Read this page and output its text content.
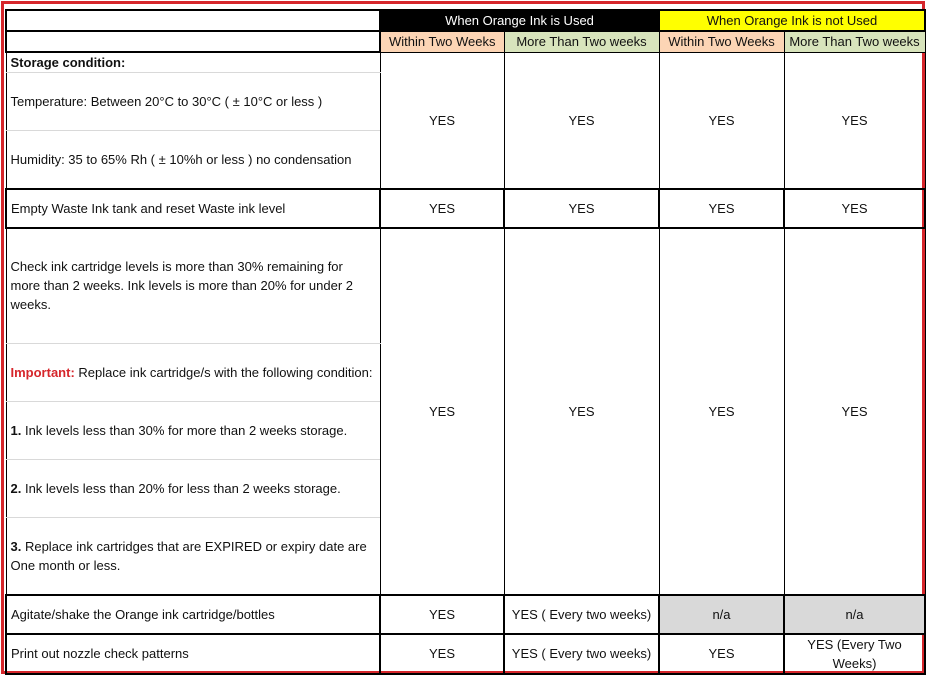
	When Orange Ink is Used		When Orange Ink is not Used	
	Within Two Weeks	More Than Two weeks	Within Two Weeks	More Than Two weeks
Storage condition:	YES	YES	YES	YES
Temperature: Between 20°C to 30°C ( ± 10°C or less )				
Humidity: 35 to 65% Rh ( ± 10%h or less ) no condensation				
Empty Waste Ink tank and reset Waste ink level	YES	YES	YES	YES
Check ink cartridge levels is more than 30% remaining for more than 2 weeks. Ink levels is more than 20% for under 2 weeks.	YES	YES	YES	YES
Important: Replace ink cartridge/s with the following condition:				
1. Ink levels less than 30% for more than 2 weeks storage.				
2. Ink levels less than 20% for less than 2 weeks storage.				
3. Replace ink cartridges that are EXPIRED or expiry date are One month or less.				
Agitate/shake the Orange ink cartridge/bottles	YES	YES ( Every two weeks)	n/a	n/a
Print out nozzle check patterns	YES	YES ( Every two weeks)	YES	YES (Every Two Weeks)
